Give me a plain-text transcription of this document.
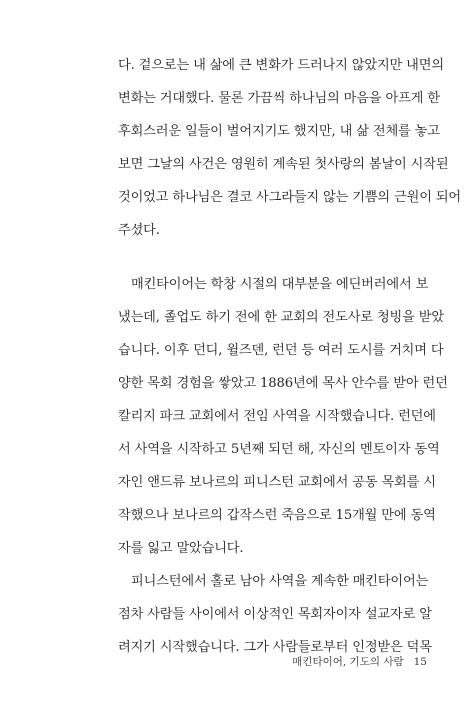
다. 겉으로는 내 삶에 큰 변화가 드러나지 않았지만 내면의
변화는 거대했다. 물론 가끔씩 하나님의 마음을 아프게 한
후회스러운 일들이 벌어지기도 했지만, 내 삶 전체를 놓고
보면 그날의 사건은 영원히 계속된 첫사랑의 봄날이 시작된
것이었고 하나님은 결코 사그라들지 않는 기쁨의 근원이 되어
주셨다.
매킨타이어는 학창 시절의 대부분을 에딘버러에서 보
냈는데, 졸업도 하기 전에 한 교회의 전도사로 청빙을 받았
습니다. 이후 던디, 윌즈덴, 런던 등 여러 도시를 거치며 다
양한 목회 경험을 쌓았고 1886년에 목사 안수를 받아 런던
칼리지 파크 교회에서 전임 사역을 시작했습니다. 런던에
서 사역을 시작하고 5년째 되던 해, 자신의 멘토이자 동역
자인 앤드류 보나르의 피니스턴 교회에서 공동 목회를 시
작했으나 보나르의 갑작스런 죽음으로 15개월 만에 동역
자를 잃고 말았습니다.
피니스턴에서 홀로 남아 사역을 계속한 매킨타이어는
점차 사람들 사이에서 이상적인 목회자이자 설교자로 알
려지기 시작했습니다. 그가 사람들로부터 인정받은 덕목
매킨타이어, 기도의 사람 15
